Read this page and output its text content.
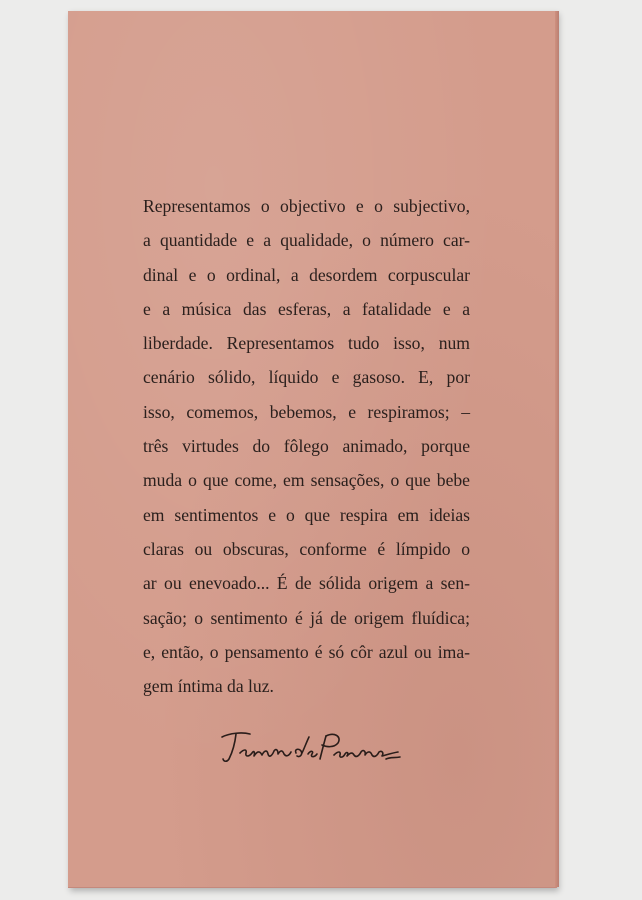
Representamos o objectivo e o subjectivo,
a quantidade e a qualidade, o número car-
dinal e o ordinal, a desordem corpuscular
e a música das esferas, a fatalidade e a
liberdade. Representamos tudo isso, num
cenário sólido, líquido e gasoso. E, por
isso, comemos, bebemos, e respiramos; –
três virtudes do fôlego animado, porque
muda o que come, em sensações, o que bebe
em sentimentos e o que respira em ideias
claras ou obscuras, conforme é límpido o
ar ou enevoado... É de sólida origem a sen-
sação; o sentimento é já de origem fluídica;
e, então, o pensamento é só côr azul ou ima-
gem íntima da luz.
